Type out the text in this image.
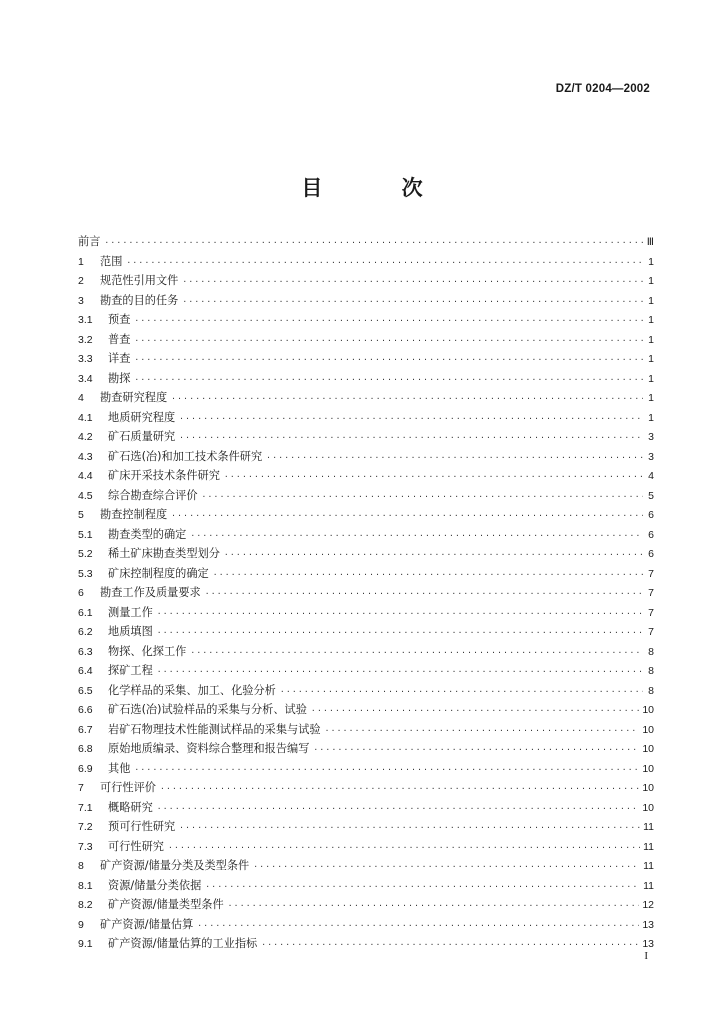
DZ/T 0204—2002
目 次
前言 ·····	Ⅲ
1	范围 ·····	1
2	规范性引用文件 ·····	1
3	勘查的目的任务 ·····	1
3.1	预查 ·····	1
3.2	普查 ·····	1
3.3	详查 ·····	1
3.4	勘探 ·····	1
4	勘查研究程度 ·····	1
4.1	地质研究程度 ·····	1
4.2	矿石质量研究 ·····	3
4.3	矿石选(冶)和加工技术条件研究 ·····	3
4.4	矿床开采技术条件研究 ·····	4
4.5	综合勘查综合评价 ·····	5
5	勘查控制程度 ·····	6
5.1	勘查类型的确定 ·····	6
5.2	稀土矿床勘查类型划分 ·····	6
5.3	矿床控制程度的确定 ·····	7
6	勘查工作及质量要求 ·····	7
6.1	测量工作 ·····	7
6.2	地质填图 ·····	7
6.3	物探、化探工作 ·····	8
6.4	探矿工程 ·····	8
6.5	化学样品的采集、加工、化验分析 ·····	8
6.6	矿石选(冶)试验样品的采集与分析、试验 ·····	10
6.7	岩矿石物理技术性能测试样品的采集与试验 ·····	10
6.8	原始地质编录、资料综合整理和报告编写 ·····	10
6.9	其他 ·····	10
7	可行性评价 ·····	10
7.1	概略研究 ·····	10
7.2	预可行性研究 ·····	11
7.3	可行性研究 ·····	11
8	矿产资源/储量分类及类型条件 ·····	11
8.1	资源/储量分类依据 ·····	11
8.2	矿产资源/储量类型条件 ·····	12
9	矿产资源/储量估算 ·····	13
9.1	矿产资源/储量估算的工业指标 ·····	13
I
